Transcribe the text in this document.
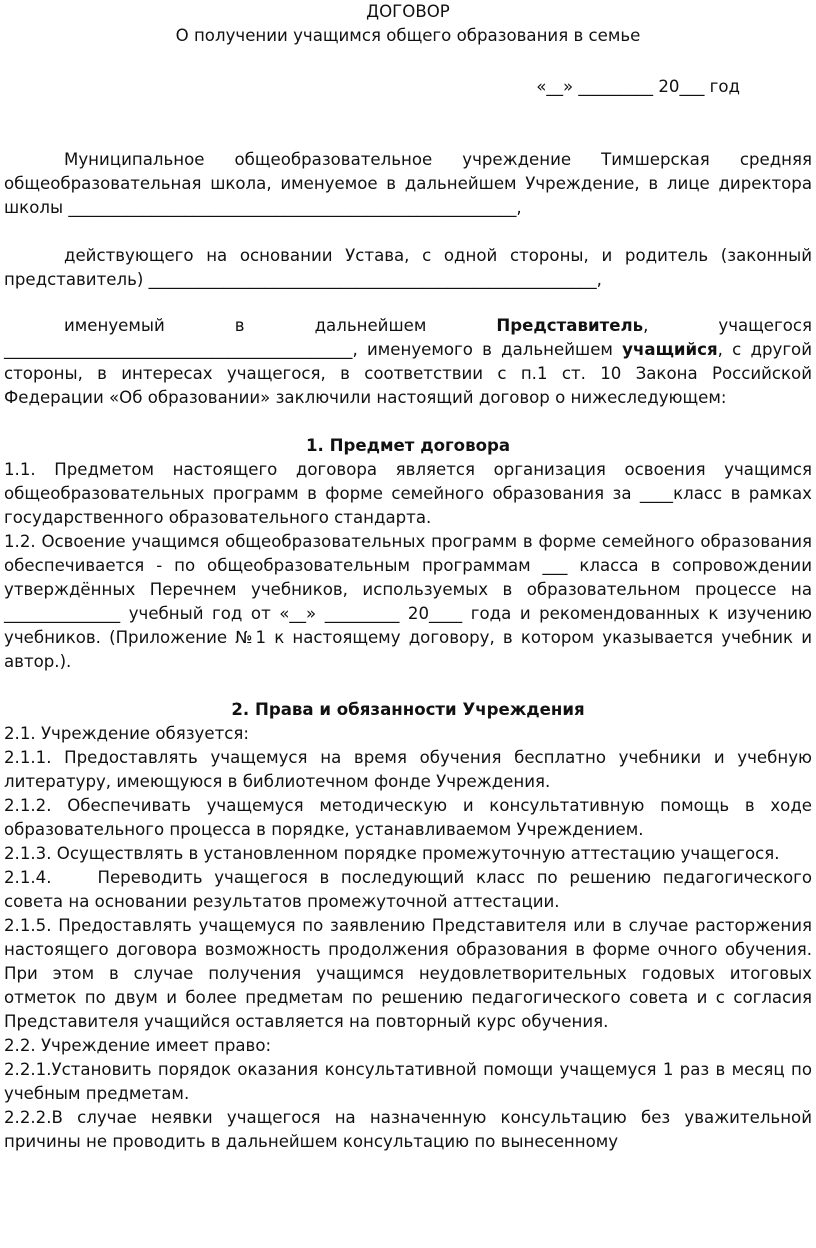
ДОГОВОР
О получении учащимся общего образования в семье
«__» _________ 20___ год

Муниципальное общеобразовательное учреждение Тимшерская средняя общеобразовательная школа, именуемое в дальнейшем Учреждение, в лице директора школы ______________________________________________________,

действующего на основании Устава, с одной стороны, и родитель (законный представитель) ______________________________________________________,

именуемый в дальнейшем Представитель, учащегося __________________________________________, именуемого в дальнейшем учащийся, с другой стороны, в интересах учащегося, в соответствии с п.1 ст. 10 Закона Российской Федерации «Об образовании» заключили настоящий договор о нижеследующем:

1. Предмет договора

1.1. Предметом настоящего договора является организация освоения учащимся общеобразовательных программ в форме семейного образования за ____класс в рамках государственного образовательного стандарта.

1.2. Освоение учащимся общеобразовательных программ в форме семейного образования обеспечивается - по общеобразовательным программам ___ класса в сопровождении утверждённых Перечнем учебников, используемых в образовательном процессе на ______________ учебный год от «__» _________ 20____ года и рекомендованных к изучению учебников. (Приложение №1 к настоящему договору, в котором указывается учебник и автор.).

2. Права и обязанности Учреждения

2.1. Учреждение обязуется:

2.1.1. Предоставлять учащемуся на время обучения бесплатно учебники и учебную литературу, имеющуюся в библиотечном фонде Учреждения.

2.1.2. Обеспечивать учащемуся методическую и консультативную помощь в ходе образовательного процесса в порядке, устанавливаемом Учреждением.

2.1.3. Осуществлять в установленном порядке промежуточную аттестацию учащегося.

2.1.4.	Переводить учащегося в последующий класс по решению педагогического совета на основании результатов промежуточной аттестации.

2.1.5. Предоставлять учащемуся по заявлению Представителя или в случае расторжения настоящего договора возможность продолжения образования в форме очного обучения. При этом в случае получения учащимся неудовлетворительных годовых итоговых отметок по двум и более предметам по решению педагогического совета и с согласия Представителя учащийся оставляется на повторный курс обучения.

2.2. Учреждение имеет право:

2.2.1.Установить порядок оказания консультативной помощи учащемуся 1 раз в месяц по учебным предметам.

2.2.2.В случае неявки учащегося на назначенную консультацию без уважительной причины не проводить в дальнейшем консультацию по вынесенному
